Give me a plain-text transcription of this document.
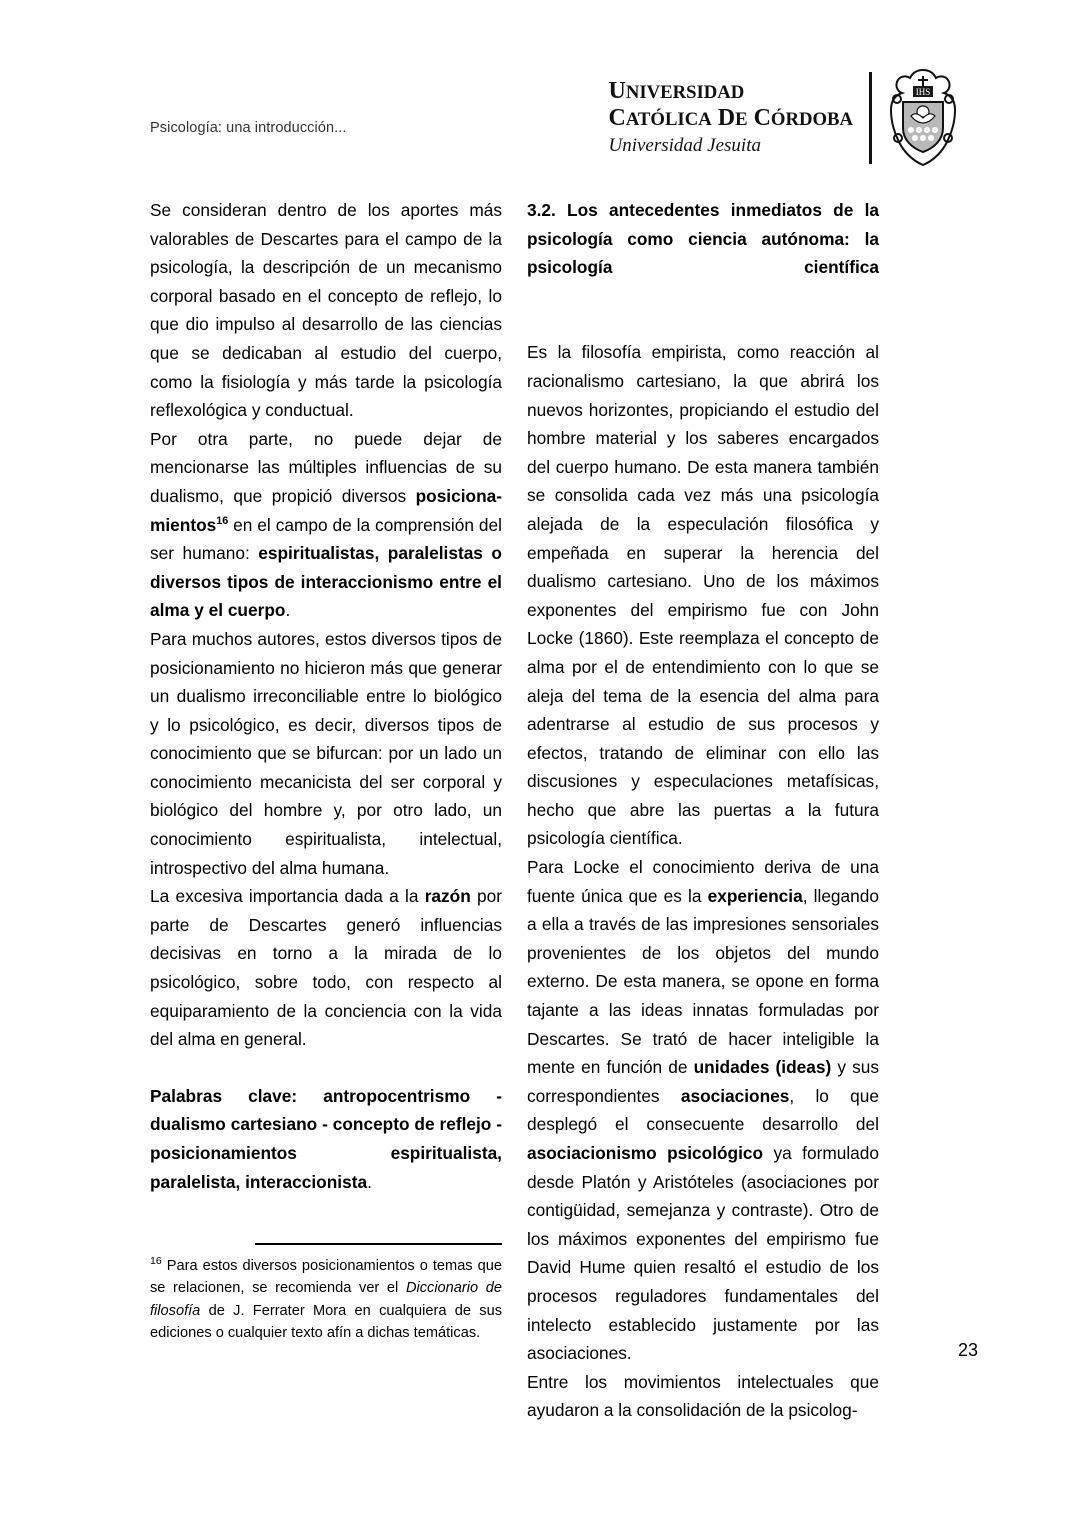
Psicología: una introducción...
UNIVERSIDAD
CATÓLICA DE CÓRDOBA
Universidad Jesuita
IHS

Se consideran dentro de los aportes más valorables de Descartes para el campo de la psicología, la descripción de un mecanismo corporal basado en el concepto de reflejo, lo que dio impulso al desarrollo de las ciencias que se dedicaban al estudio del cuerpo, como la fisiología y más tarde la psicología reflexológica y conductual.

Por otra parte, no puede dejar de mencionarse las múltiples influencias de su dualismo, que propició diversos posiciona-mientos$^{16}$ en el campo de la comprensión del ser humano: espiritualistas, paralelistas o diversos tipos de interaccionismo entre el alma y el cuerpo.

Para muchos autores, estos diversos tipos de posicionamiento no hicieron más que generar un dualismo irreconciliable entre lo biológico y lo psicológico, es decir, diversos tipos de conocimiento que se bifurcan: por un lado un conocimiento mecanicista del ser corporal y biológico del hombre y, por otro lado, un conocimiento espiritualista, intelectual, introspectivo del alma humana.

La excesiva importancia dada a la razón por parte de Descartes generó influencias decisivas en torno a la mirada de lo psicológico, sobre todo, con respecto al equiparamiento de la conciencia con la vida del alma en general.

Palabras clave: antropocentrismo - dualismo cartesiano - concepto de reflejo - posicionamientos espiritualista, paralelista, interaccionista.

3.2. Los antecedentes inmediatos de la psicología como ciencia autónoma: la psicología científica

Es la filosofía empirista, como reacción al racionalismo cartesiano, la que abrirá los nuevos horizontes, propiciando el estudio del hombre material y los saberes encargados del cuerpo humano. De esta manera también se consolida cada vez más una psicología alejada de la especulación filosófica y empeñada en superar la herencia del dualismo cartesiano. Uno de los máximos exponentes del empirismo fue con John Locke (1860). Este reemplaza el concepto de alma por el de entendimiento con lo que se aleja del tema de la esencia del alma para adentrarse al estudio de sus procesos y efectos, tratando de eliminar con ello las discusiones y especulaciones metafísicas, hecho que abre las puertas a la futura psicología científica.

Para Locke el conocimiento deriva de una fuente única que es la experiencia, llegando a ella a través de las impresiones sensoriales provenientes de los objetos del mundo externo. De esta manera, se opone en forma tajante a las ideas innatas formuladas por Descartes. Se trató de hacer inteligible la mente en función de unidades (ideas) y sus correspondientes asociaciones, lo que desplegó el consecuente desarrollo del asociacionismo psicológico ya formulado desde Platón y Aristóteles (asociaciones por contigüidad, semejanza y contraste). Otro de los máximos exponentes del empirismo fue David Hume quien resaltó el estudio de los procesos reguladores fundamentales del intelecto establecido justamente por las asociaciones.

Entre los movimientos intelectuales que ayudaron a la consolidación de la psicolog-

$^{16}$ Para estos diversos posicionamientos o temas que se relacionen, se recomienda ver el Diccionario de filosofía de J. Ferrater Mora en cualquiera de sus ediciones o cualquier texto afín a dichas temáticas.

23
